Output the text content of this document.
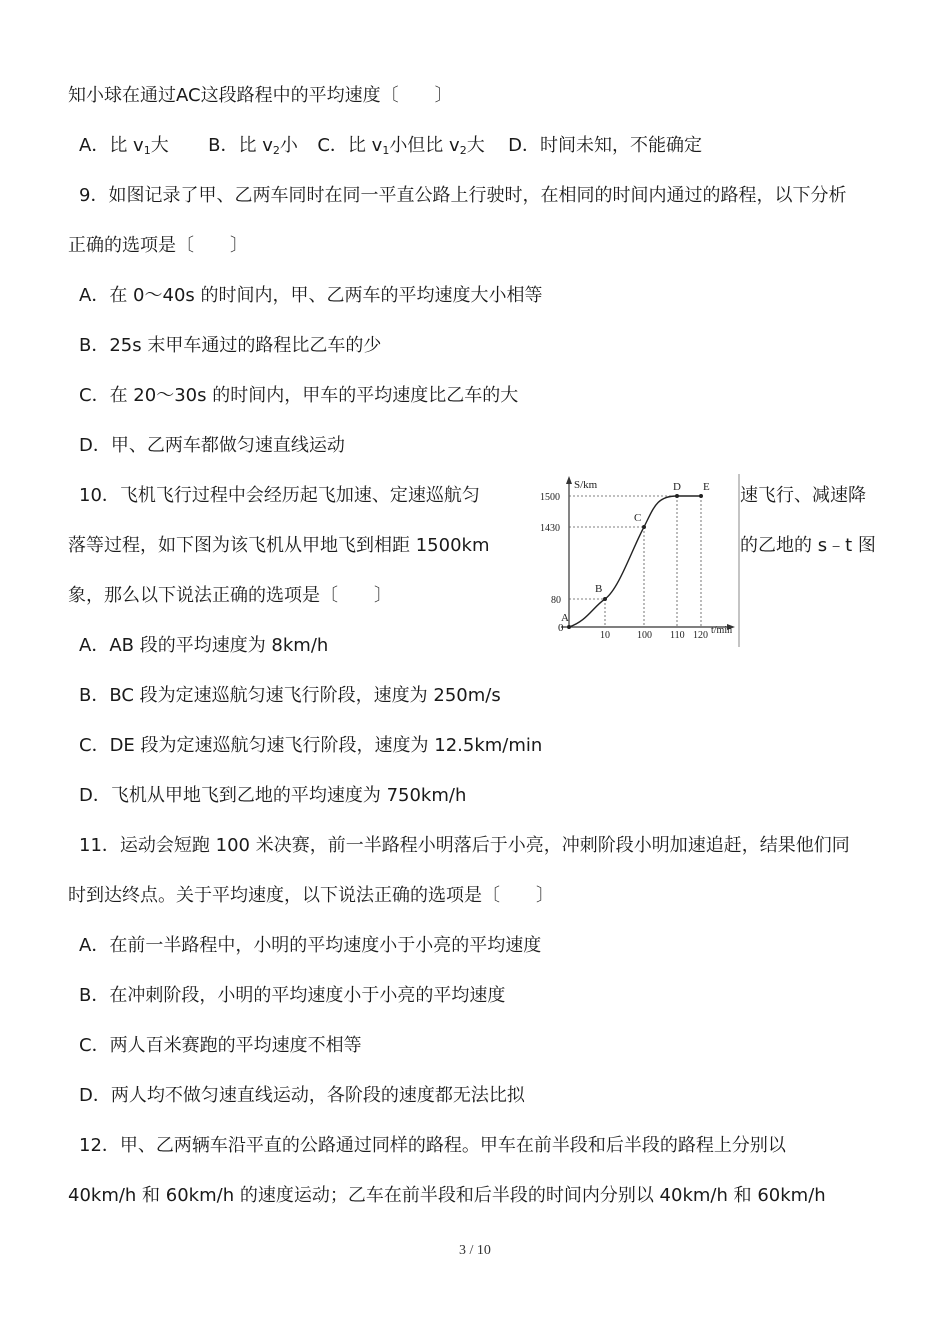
知小球在通过AC这段路程中的平均速度〔　　〕
A．比 $v_1$大 B．比 $v_2$小 C．比 $v_1$小但比 $v_2$大 D．时间未知，不能确定
9．如图记录了甲、乙两车同时在同一平直公路上行驶时，在相同的时间内通过的路程，以下分析
正确的选项是〔　　〕
A．在 0～40s 的时间内，甲、乙两车的平均速度大小相等
B．25s 末甲车通过的路程比乙车的少
C．在 20～30s 的时间内，甲车的平均速度比乙车的大
D．甲、乙两车都做匀速直线运动
10．飞机飞行过程中会经历起飞加速、定速巡航匀	速飞行、减速降
落等过程，如下图为该飞机从甲地飞到相距 1500km	的乙地的 s﹣t 图
象，那么以下说法正确的选项是〔　　〕
A．AB 段的平均速度为 8km/h
B．BC 段为定速巡航匀速飞行阶段，速度为 250m/s
C．DE 段为定速巡航匀速飞行阶段，速度为 12.5km/min
D．飞机从甲地飞到乙地的平均速度为 750km/h
S/km
t/min
0
80
1430
1500
10	100 110 120
A
B
C
D E
11．运动会短跑 100 米决赛，前一半路程小明落后于小亮，冲刺阶段小明加速追赶，结果他们同
时到达终点。关于平均速度，以下说法正确的选项是〔　　〕
A．在前一半路程中，小明的平均速度小于小亮的平均速度
B．在冲刺阶段，小明的平均速度小于小亮的平均速度
C．两人百米赛跑的平均速度不相等
D．两人均不做匀速直线运动，各阶段的速度都无法比拟
12．甲、乙两辆车沿平直的公路通过同样的路程。甲车在前半段和后半段的路程上分别以
40km/h 和 60km/h 的速度运动；乙车在前半段和后半段的时间内分别以 40km/h 和 60km/h
3 / 10
